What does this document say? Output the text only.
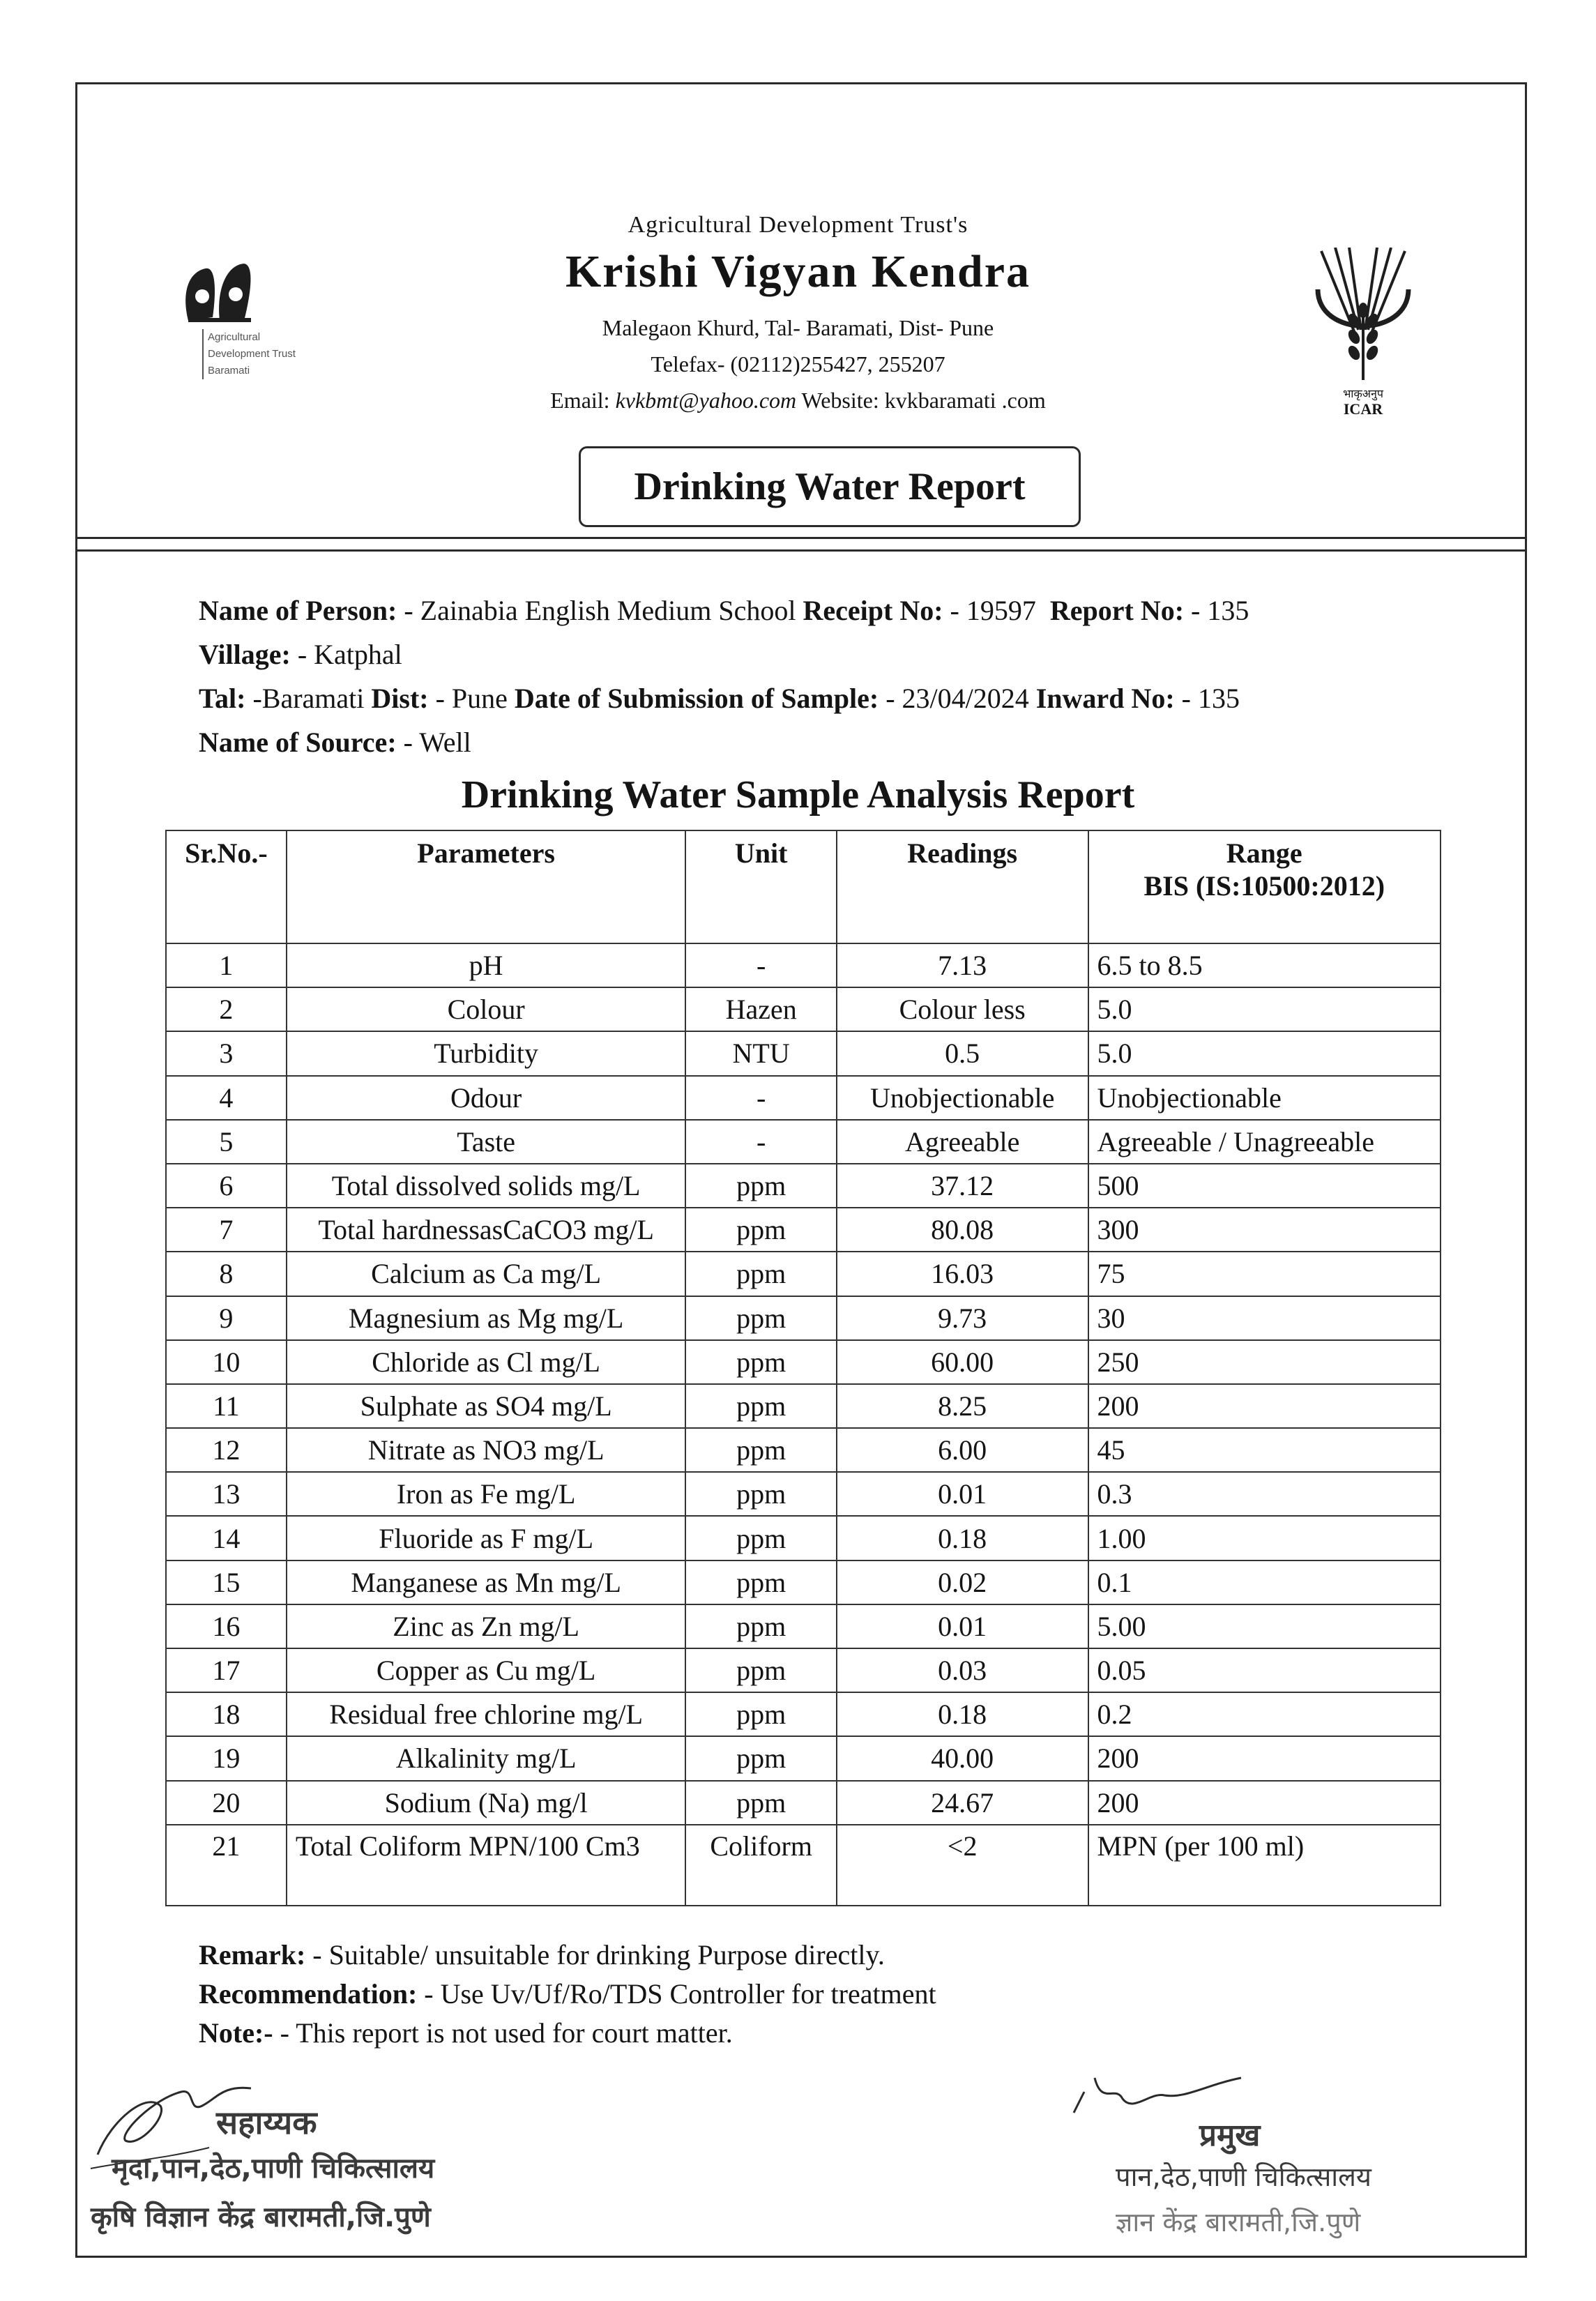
Agricultural
Development Trust
Baramati
भाकृअनुप
ICAR
Agricultural Development Trust's
Krishi Vigyan Kendra
Malegaon Khurd, Tal- Baramati, Dist- Pune
Telefax- (02112)255427, 255207
Email: kvkbmt@yahoo.com Website: kvkbaramati .com
Drinking Water Report
Name of Person: - Zainabia English Medium School Receipt No: - 19597 Report No: - 135
Village: - Katphal
Tal: -Baramati Dist: - Pune Date of Submission of Sample: - 23/04/2024 Inward No: - 135
Name of Source: - Well
Drinking Water Sample Analysis Report
Sr.No.-	Parameters	Unit	Readings	Range
BIS (IS:10500:2012)

1	pH	-	7.13	6.5 to 8.5
2	Colour	Hazen	Colour less	5.0
3	Turbidity	NTU	0.5	5.0
4	Odour	-	Unobjectionable	Unobjectionable
5	Taste	-	Agreeable	Agreeable / Unagreeable
6	Total dissolved solids mg/L	ppm	37.12	500
7	Total hardnessasCaCO3 mg/L	ppm	80.08	300
8	Calcium as Ca mg/L	ppm	16.03	75
9	Magnesium as Mg mg/L	ppm	9.73	30
10	Chloride as Cl mg/L	ppm	60.00	250
11	Sulphate as SO4 mg/L	ppm	8.25	200
12	Nitrate as NO3 mg/L	ppm	6.00	45
13	Iron as Fe mg/L	ppm	0.01	0.3
14	Fluoride as F mg/L	ppm	0.18	1.00
15	Manganese as Mn mg/L	ppm	0.02	0.1
16	Zinc as Zn mg/L	ppm	0.01	5.00
17	Copper as Cu mg/L	ppm	0.03	0.05
18	Residual free chlorine mg/L	ppm	0.18	0.2
19	Alkalinity mg/L	ppm	40.00	200
20	Sodium (Na) mg/l	ppm	24.67	200
21	Total Coliform MPN/100 Cm3	Coliform	<2	MPN (per 100 ml)
Remark: - Suitable/ unsuitable for drinking Purpose directly.
Recommendation: - Use Uv/Uf/Ro/TDS Controller for treatment
Note:- - This report is not used for court matter.
सहाय्यक
मृदा,पान,देठ,पाणी चिकित्सालय
कृषि विज्ञान केंद्र बारामती,जि.पुणे
प्रमुख
पान,देठ,पाणी चिकित्सालय
ज्ञान केंद्र बारामती,जि.पुणे
